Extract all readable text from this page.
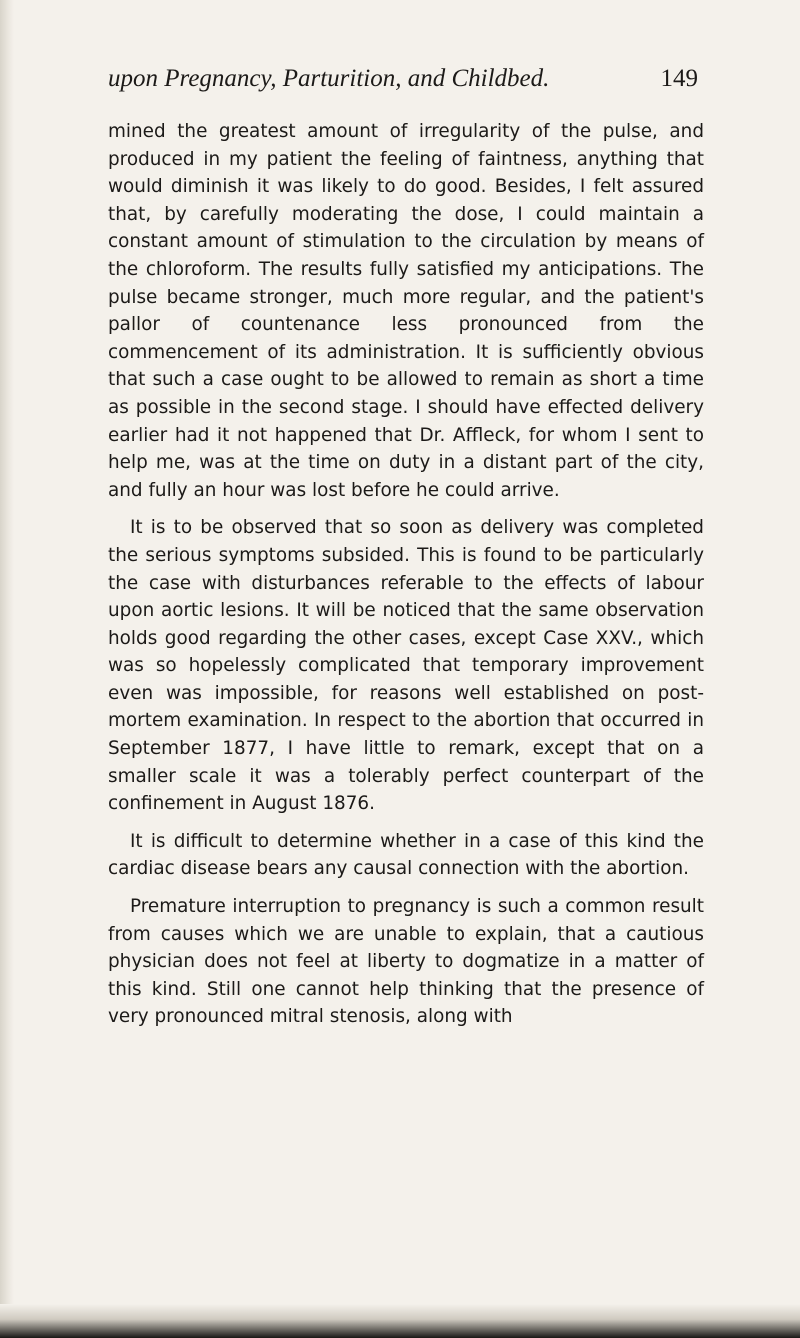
upon Pregnancy, Parturition, and Childbed.	149

mined the greatest amount of irregularity of the pulse, and produced in my patient the feeling of faintness, anything that would diminish it was likely to do good. Besides, I felt assured that, by carefully moderating the dose, I could maintain a constant amount of stimulation to the circulation by means of the chloroform. The results fully satisfied my anticipations. The pulse became stronger, much more regular, and the patient's pallor of countenance less pronounced from the commencement of its administration. It is sufficiently obvious that such a case ought to be allowed to remain as short a time as possible in the second stage. I should have effected delivery earlier had it not happened that Dr. Affleck, for whom I sent to help me, was at the time on duty in a distant part of the city, and fully an hour was lost before he could arrive.

It is to be observed that so soon as delivery was completed the serious symptoms subsided. This is found to be particularly the case with disturbances referable to the effects of labour upon aortic lesions. It will be noticed that the same observation holds good regarding the other cases, except Case XXV., which was so hopelessly complicated that temporary improvement even was impossible, for reasons well established on post-mortem examination. In respect to the abortion that occurred in September 1877, I have little to remark, except that on a smaller scale it was a tolerably perfect counterpart of the confinement in August 1876.

It is difficult to determine whether in a case of this kind the cardiac disease bears any causal connection with the abortion.

Premature interruption to pregnancy is such a common result from causes which we are unable to explain, that a cautious physician does not feel at liberty to dogmatize in a matter of this kind. Still one cannot help thinking that the presence of very pronounced mitral stenosis, along with
